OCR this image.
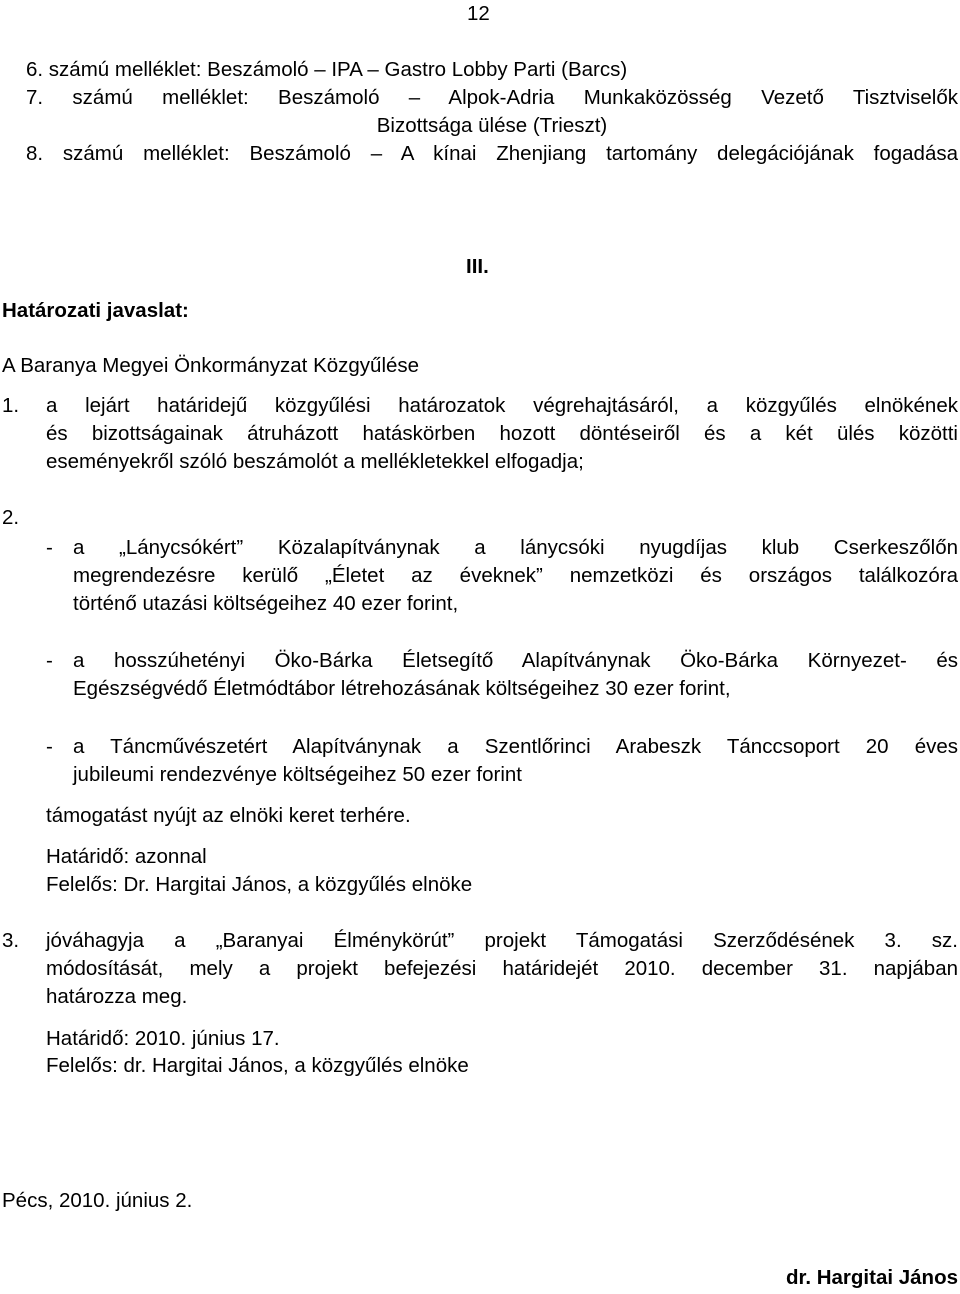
12
6. számú melléklet: Beszámoló – IPA – Gastro Lobby Parti (Barcs)
7. számú melléklet: Beszámoló – Alpok-Adria Munkaközösség Vezető Tisztviselők
Bizottsága ülése (Trieszt)
8. számú melléklet: Beszámoló – A kínai Zhenjiang tartomány delegációjának fogadása
III.
Határozati javaslat:
A Baranya Megyei Önkormányzat Közgyűlése
1. a lejárt határidejű közgyűlési határozatok végrehajtásáról, a közgyűlés elnökének
és bizottságainak átruházott hatáskörben hozott döntéseiről és a két ülés közötti
eseményekről szóló beszámolót a mellékletekkel elfogadja;
2.
- a „Lánycsókért” Közalapítványnak a lánycsóki nyugdíjas klub Cserkeszőlőn
megrendezésre kerülő „Életet az éveknek” nemzetközi és országos találkozóra
történő utazási költségeihez 40 ezer forint,
- a hosszúhetényi Öko-Bárka Életsegítő Alapítványnak Öko-Bárka Környezet- és
Egészségvédő Életmódtábor létrehozásának költségeihez 30 ezer forint,
- a Táncművészetért Alapítványnak a Szentlőrinci Arabeszk Tánccsoport 20 éves
jubileumi rendezvénye költségeihez 50 ezer forint
támogatást nyújt az elnöki keret terhére.
Határidő: azonnal
Felelős: Dr. Hargitai János, a közgyűlés elnöke
3. jóváhagyja a „Baranyai Élménykörút” projekt Támogatási Szerződésének 3. sz.
módosítását, mely a projekt befejezési határidejét 2010. december 31. napjában
határozza meg.
Határidő: 2010. június 17.
Felelős: dr. Hargitai János, a közgyűlés elnöke
Pécs, 2010. június 2.
dr. Hargitai János
